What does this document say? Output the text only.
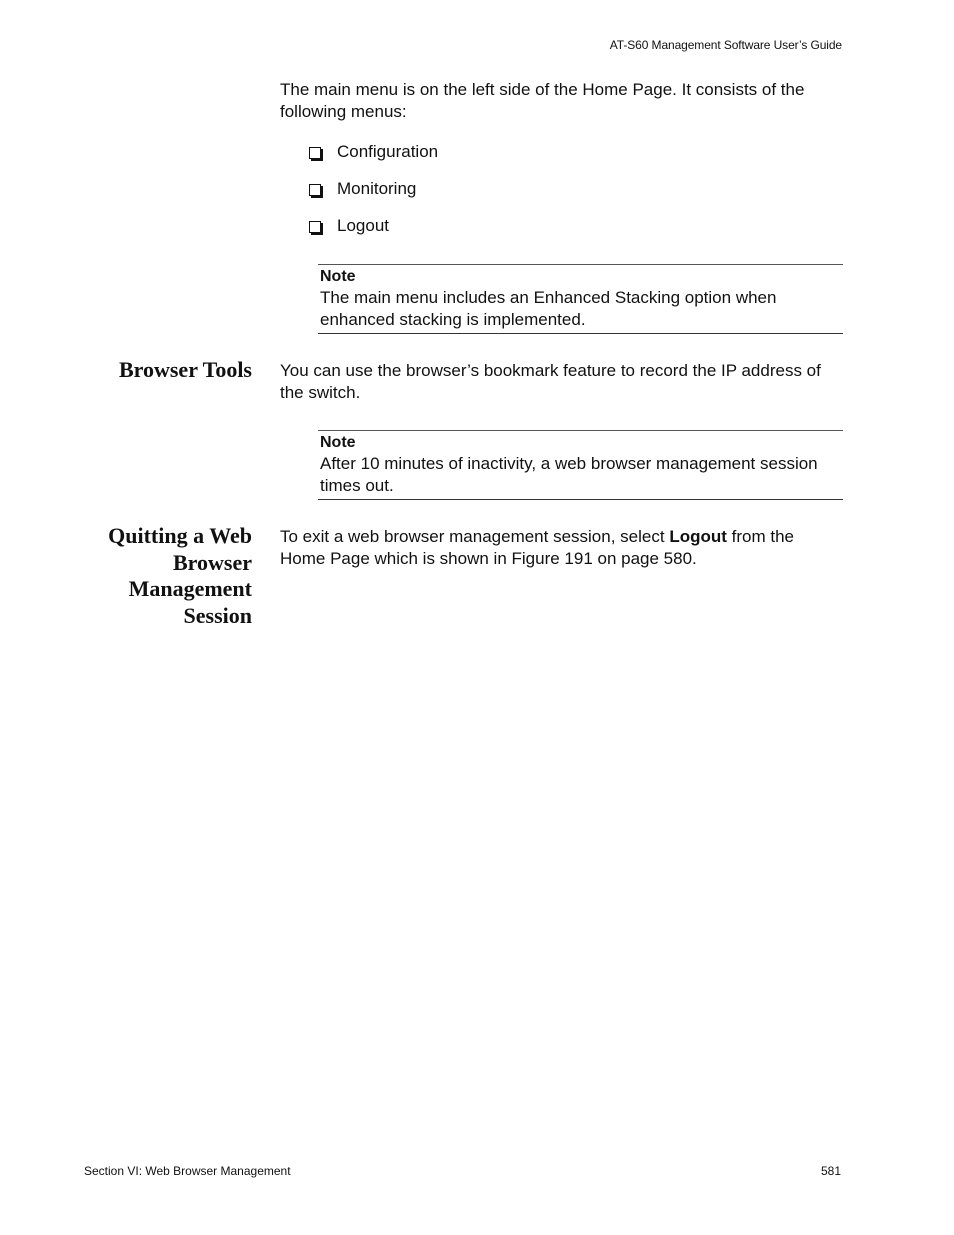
AT-S60 Management Software User’s Guide
The main menu is on the left side of the Home Page. It consists of the following menus:
Configuration
Monitoring
Logout
Note
The main menu includes an Enhanced Stacking option when enhanced stacking is implemented.
Browser Tools You can use the browser’s bookmark feature to record the IP address of the switch.
Note
After 10 minutes of inactivity, a web browser management session times out.
Quitting a Web
Browser
Management
Session
To exit a web browser management session, select Logout from the Home Page which is shown in Figure 191 on page 580.
Section VI: Web Browser Management	581
